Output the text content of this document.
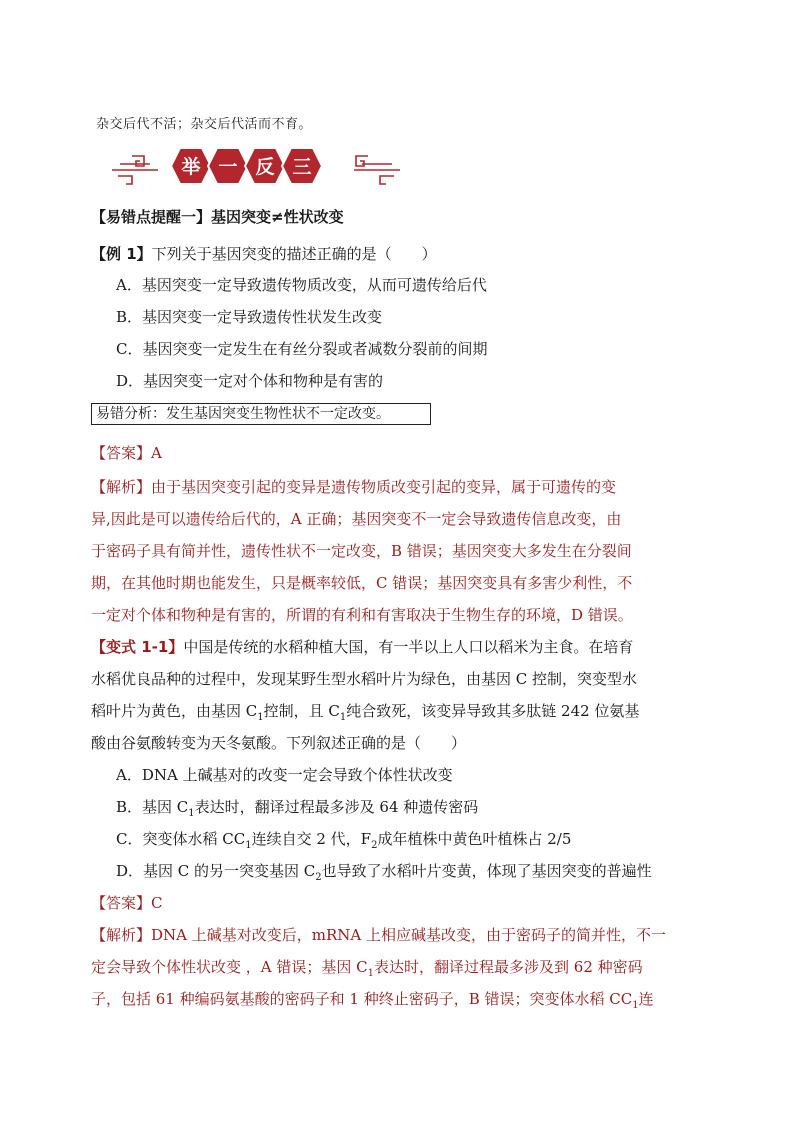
杂交后代不活；杂交后代活而不育。
举 一 反 三
【易错点提醒一】基因突变≠性状改变
【例 1】下列关于基因突变的描述正确的是（　　）
A．基因突变一定导致遗传物质改变，从而可遗传给后代
B．基因突变一定导致遗传性状发生改变
C．基因突变一定发生在有丝分裂或者减数分裂前的间期
D．基因突变一定对个体和物种是有害的
易错分析：发生基因突变生物性状不一定改变。
【答案】A
【解析】由于基因突变引起的变异是遗传物质改变引起的变异，属于可遗传的变
异,因此是可以遗传给后代的，A 正确；基因突变不一定会导致遗传信息改变，由
于密码子具有简并性，遗传性状不一定改变，B 错误；基因突变大多发生在分裂间
期，在其他时期也能发生，只是概率较低，C 错误；基因突变具有多害少利性，不
一定对个体和物种是有害的，所谓的有利和有害取决于生物生存的环境，D 错误。
【变式 1-1】中国是传统的水稻种植大国，有一半以上人口以稻米为主食。在培育
水稻优良品种的过程中，发现某野生型水稻叶片为绿色，由基因 C 控制，突变型水
稻叶片为黄色，由基因 $C_1$控制，且 $C_1$纯合致死，该变异导致其多肽链 242 位氨基
酸由谷氨酸转变为天冬氨酸。下列叙述正确的是（　　）
A．DNA 上碱基对的改变一定会导致个体性状改变
B．基因 $C_1$表达时，翻译过程最多涉及 64 种遗传密码
C．突变体水稻 $CC_1$连续自交 2 代，$F_2$成年植株中黄色叶植株占 2/5
D．基因 C 的另一突变基因 $C_2$也导致了水稻叶片变黄，体现了基因突变的普遍性
【答案】C
【解析】DNA 上碱基对改变后，mRNA 上相应碱基改变，由于密码子的简并性，不一
定会导致个体性状改变 ，A 错误；基因 $C_1$表达时，翻译过程最多涉及到 62 种密码
子，包括 61 种编码氨基酸的密码子和 1 种终止密码子，B 错误；突变体水稻 $CC_1$连
